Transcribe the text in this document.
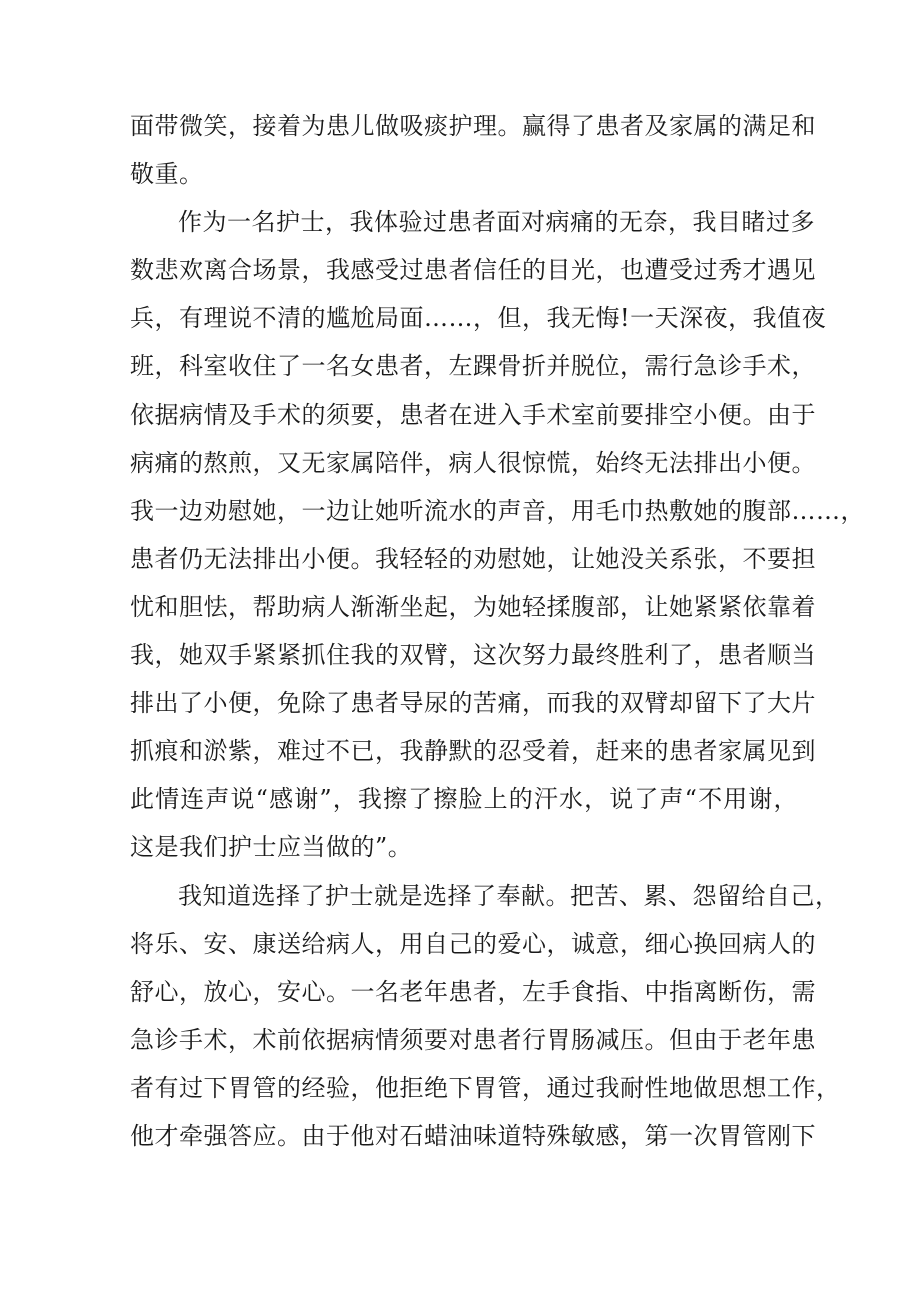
面带微笑，接着为患儿做吸痰护理。赢得了患者及家属的满足和
敬重。
作为一名护士，我体验过患者面对病痛的无奈，我目睹过多
数悲欢离合场景，我感受过患者信任的目光，也遭受过秀才遇见
兵，有理说不清的尴尬局面……，但，我无悔!一天深夜，我值夜
班，科室收住了一名女患者，左踝骨折并脱位，需行急诊手术，
依据病情及手术的须要，患者在进入手术室前要排空小便。由于
病痛的熬煎，又无家属陪伴，病人很惊慌，始终无法排出小便。
我一边劝慰她，一边让她听流水的声音，用毛巾热敷她的腹部……，
患者仍无法排出小便。我轻轻的劝慰她，让她没关系张，不要担
忧和胆怯，帮助病人渐渐坐起，为她轻揉腹部，让她紧紧依靠着
我，她双手紧紧抓住我的双臂，这次努力最终胜利了，患者顺当
排出了小便，免除了患者导尿的苦痛，而我的双臂却留下了大片
抓痕和淤紫，难过不已，我静默的忍受着，赶来的患者家属见到
此情连声说“感谢”，我擦了擦脸上的汗水，说了声“不用谢，
这是我们护士应当做的”。
我知道选择了护士就是选择了奉献。把苦、累、怨留给自己，
将乐、安、康送给病人，用自己的爱心，诚意，细心换回病人的
舒心，放心，安心。一名老年患者，左手食指、中指离断伤，需
急诊手术，术前依据病情须要对患者行胃肠减压。但由于老年患
者有过下胃管的经验，他拒绝下胃管，通过我耐性地做思想工作，
他才牵强答应。由于他对石蜡油味道特殊敏感，第一次胃管刚下
